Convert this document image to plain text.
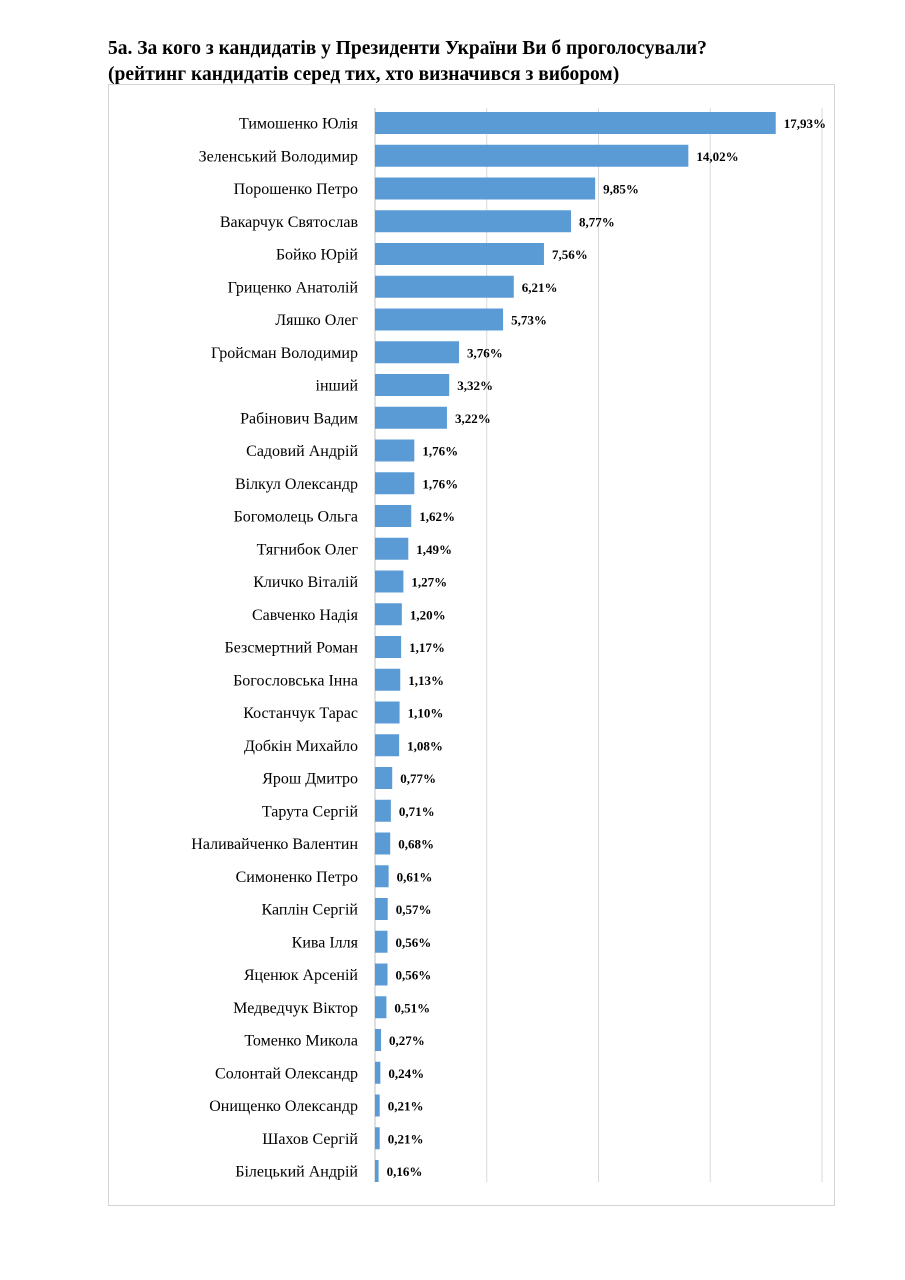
5а. За кого з кандидатів у Президенти України Ви б проголосували?
(рейтинг кандидатів серед тих, хто визначився з вибором)
Тимошенко Юлія	17,93%
Зеленський Володимир	14,02%
Порошенко Петро	9,85%
Вакарчук Святослав	8,77%
Бойко Юрій	7,56%
Гриценко Анатолій	6,21%
Ляшко Олег	5,73%
Гройсман Володимир	3,76%
інший	3,32%
Рабінович Вадим	3,22%
Садовий Андрій	1,76%
Вілкул Олександр	1,76%
Богомолець Ольга	1,62%
Тягнибок Олег	1,49%
Кличко Віталій	1,27%
Савченко Надія	1,20%
Безсмертний Роман	1,17%
Богословська Інна	1,13%
Костанчук Тарас	1,10%
Добкін Михайло	1,08%
Ярош Дмитро	0,77%
Тарута Сергій	0,71%
Наливайченко Валентин	0,68%
Симоненко Петро	0,61%
Каплін Сергій	0,57%
Кива Ілля	0,56%
Яценюк Арсеній	0,56%
Медведчук Віктор	0,51%
Томенко Микола 0,27%
Солонтай Олександр 0,24%
Онищенко Олександр 0,21%
Шахов Сергій 0,21%
Білецький Андрій 0,16%
